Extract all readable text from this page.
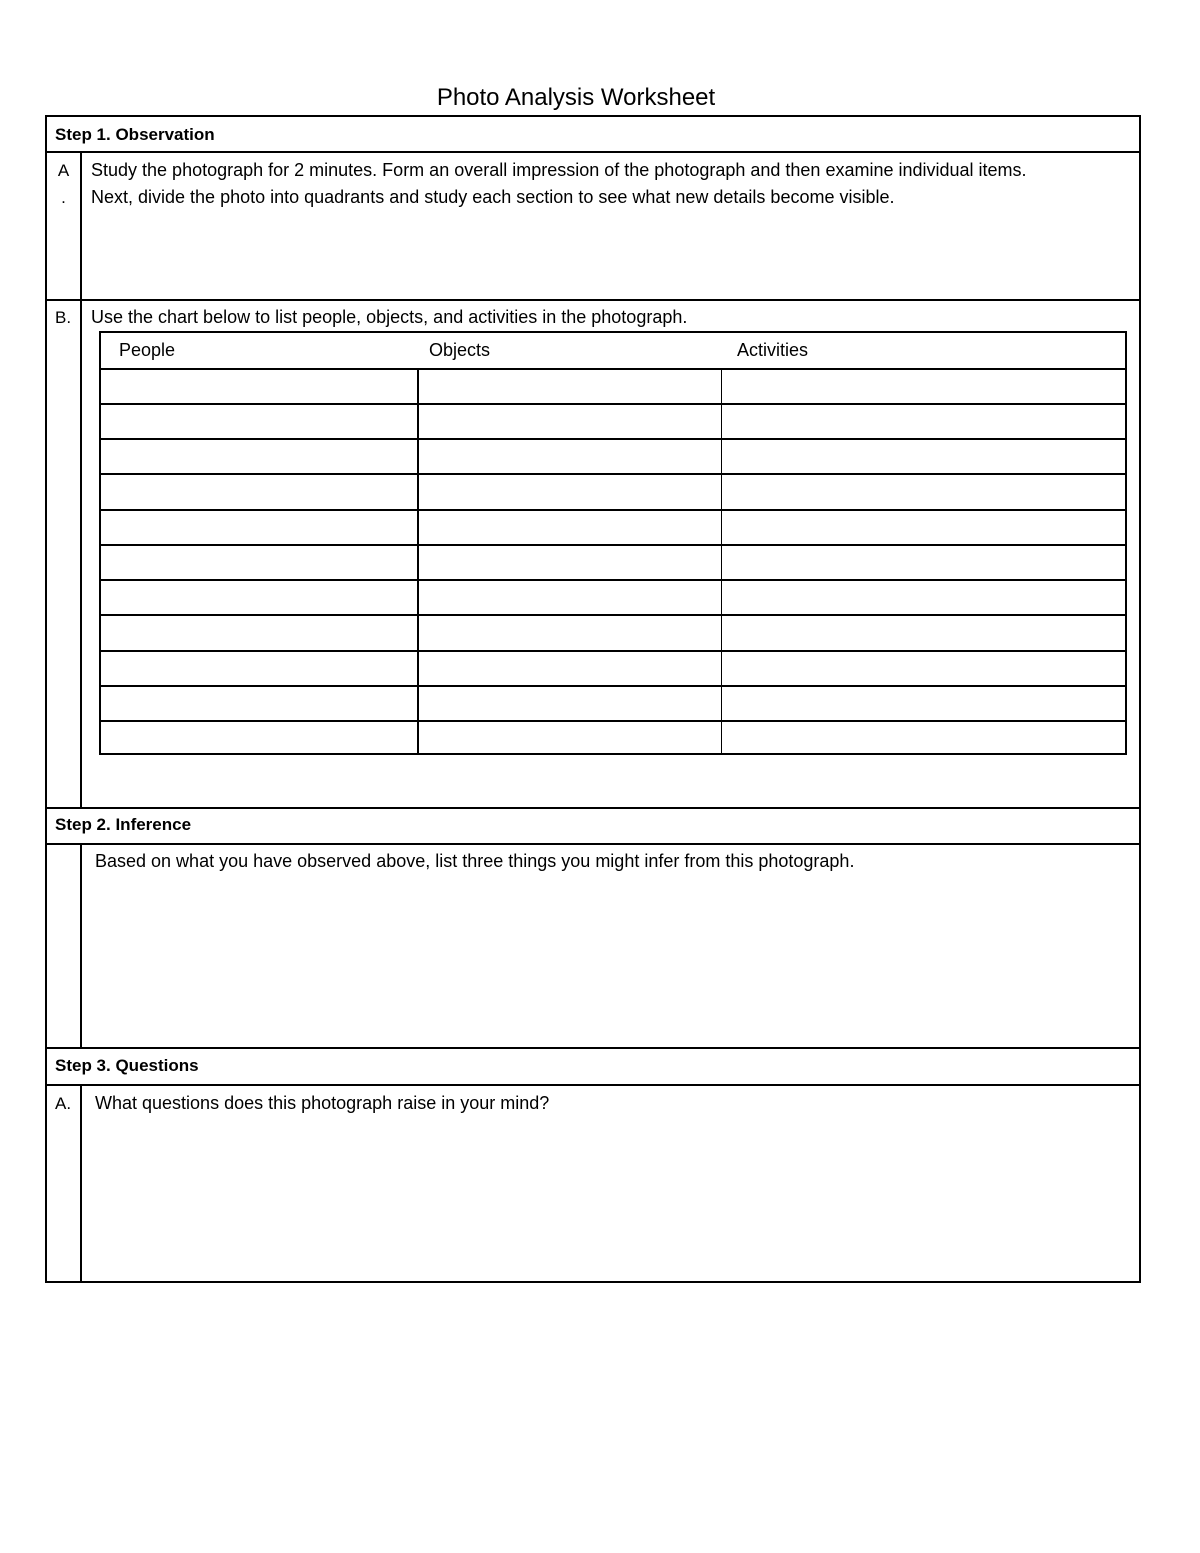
Photo Analysis Worksheet
Step 1. Observation
A
.
Study the photograph for 2 minutes. Form an overall impression of the photograph and then examine individual items.
Next, divide the photo into quadrants and study each section to see what new details become visible.
B.	Use the chart below to list people, objects, and activities in the photograph.
People	Objects	Activities
Step 2. Inference
Based on what you have observed above, list three things you might infer from this photograph.
Step 3. Questions
A.	What questions does this photograph raise in your mind?
